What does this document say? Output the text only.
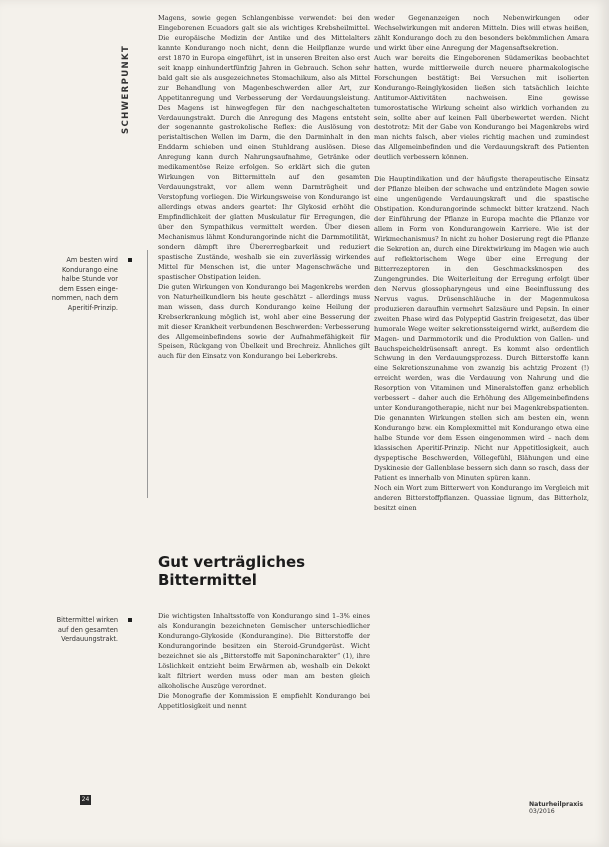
SCHWERPUNKT
Am besten wird Kondurango eine halbe Stunde vor dem Essen einge-nommen, nach dem Aperitif-Prinzip.
Bittermittel wirken auf den gesamten Verdauungstrakt.

Magens, sowie gegen Schlangenbisse verwendet: bei den Eingeborenen Ecuadors galt sie als wichtiges Krebsheilmittel. Die europäische Medizin der Antike und des Mittelalters kannte Kondurango noch nicht, denn die Heilpflanze wurde erst 1870 in Europa eingeführt, ist in unseren Breiten also erst seit knapp einhundertfünfzig Jahren in Gebrauch. Schon sehr bald galt sie als ausgezeichnetes Stomachikum, also als Mittel zur Behandlung von Magenbeschwerden aller Art, zur Appetitanregung und Verbesserung der Verdauungsleistung. Des Magens ist hinwegfegen für den nachgeschalteten Verdauungstrakt. Durch die Anregung des Magens entsteht der sogenannte gastrokolische Reflex: die Auslösung von peristaltischen Wellen im Darm, die den Darminhalt in den Enddarm schieben und einen Stuhldrang auslösen. Diese Anregung kann durch Nahrungsaufnahme, Getränke oder medikamentöse Reize erfolgen. So erklärt sich die guten Wirkungen von Bittermitteln auf den gesamten Verdauungstrakt, vor allem wenn Darmträgheit und Verstopfung vorliegen. Die Wirkungsweise von Kondurango ist allerdings etwas anders geartet: Ihr Glykosid erhöht die Empfindlichkeit der glatten Muskulatur für Erregungen, die über den Sympathikus vermittelt werden. Über diesen Mechanismus lähmt Kondurangorinde nicht die Darmmotilität, sondern dämpft ihre Übererregbarkeit und reduziert spastische Zustände, weshalb sie ein zuverlässig wirkendes Mittel für Menschen ist, die unter Magenschwäche und spastischer Obstipation leiden.

Die guten Wirkungen von Kondurango bei Magenkrebs werden von Naturheilkundlern bis heute geschätzt – allerdings muss man wissen, dass durch Kondurango keine Heilung der Krebserkrankung möglich ist, wohl aber eine Besserung der mit dieser Krankheit verbundenen Beschwerden: Verbesserung des Allgemeinbefindens sowie der Aufnahmefähigkeit für Speisen, Rückgang von Übelkeit und Brechreiz. Ähnliches gilt auch für den Einsatz von Kondurango bei Leberkrebs.

Gut verträgliches Bittermittel

Die wichtigsten Inhaltsstoffe von Kondurango sind 1–3% eines als Kondurangin bezeichneten Gemischer unterschiedlicher Kondurango-Glykoside (Kondurangine). Die Bitterstoffe der Kondurangorinde besitzen ein Steroid-Grundgerüst. Wicht bezeichnet sie als „Bitterstoffe mit Saponincharakter“ (1), ihre Löslichkeit entzieht beim Erwärmen ab, weshalb ein Dekokt kalt filtriert werden muss oder man am besten gleich alkoholische Auszüge verordnet.

Die Monografie der Kommission E empfiehlt Kondurango bei Appetitlosigkeit und nennt

weder Gegenanzeigen noch Nebenwirkungen oder Wechselwirkungen mit anderen Mitteln. Dies will etwas heißen, zählt Kondurango doch zu den besonders bekömmlichen Amara und wirkt über eine Anregung der Magensaftsekretion.

Auch war bereits die Eingeborenen Südamerikas beobachtet hatten, wurde mittlerweile durch neuere pharmakologische Forschungen bestätigt: Bei Versuchen mit isolierten Kondurango-Reinglykosiden ließen sich tatsächlich leichte Antitumor-Aktivitäten nachweisen. Eine gewisse tumorostatische Wirkung scheint also wirklich vorhanden zu sein, sollte aber auf keinen Fall überbewertet werden. Nicht destotrotz: Mit der Gabe von Kondurango bei Magenkrebs wird man nichts falsch, aber vieles richtig machen und zumindest das Allgemeinbefinden und die Verdauungskraft des Patienten deutlich verbessern können.

Die Hauptindikation und der häufigste therapeutische Einsatz der Pflanze bleiben der schwache und entzündete Magen sowie eine ungenügende Verdauungskraft und die spastische Obstipation. Kondurangorinde schmeckt bitter kratzend. Nach der Einführung der Pflanze in Europa machte die Pflanze vor allem in Form von Kondurangowein Karriere. Wie ist der Wirkmechanismus? In nicht zu hoher Dosierung regt die Pflanze die Sekretion an, durch eine Direktwirkung im Magen wie auch auf reflektorischem Wege über eine Erregung der Bitterrezeptoren in den Geschmacksknospen des Zungengrundes. Die Weiterleitung der Erregung erfolgt über den Nervus glossopharyngeus und eine Beeinflussung des Nervus vagus. Drüsenschläuche in der Magenmukosa produzieren daraufhin vermehrt Salzsäure und Pepsin. In einer zweiten Phase wird das Polypeptid Gastrin freigesetzt, das über humorale Wege weiter sekretionssteigernd wirkt, außerdem die Magen- und Darmmotorik und die Produktion von Gallen- und Bauchspeicheldrüsensaft anregt. Es kommt also ordentlich Schwung in den Verdauungsprozess. Durch Bitterstoffe kann eine Sekretionszunahme von zwanzig bis achtzig Prozent (!) erreicht werden, was die Verdauung von Nahrung und die Resorption von Vitaminen und Mineralstoffen ganz erheblich verbessert – daher auch die Erhöhung des Allgemeinbefindens unter Kondurangotherapie, nicht nur bei Magenkrebspatienten. Die genannten Wirkungen stellen sich am besten ein, wenn Kondurango bzw. ein Komplexmittel mit Kondurango etwa eine halbe Stunde vor dem Essen eingenommen wird – nach dem klassischen Aperitif-Prinzip. Nicht nur Appetitlosigkeit, auch dyspeptische Beschwerden, Völlegefühl, Blähungen und eine Dyskinesie der Gallenblase bessern sich dann so rasch, dass der Patient es innerhalb von Minuten spüren kann.

Noch ein Wort zum Bitterwert von Kondurango im Vergleich mit anderen Bitterstoffpflanzen. Quassiae lignum, das Bitterholz, besitzt einen

24
Naturheilpraxis 03/2016
